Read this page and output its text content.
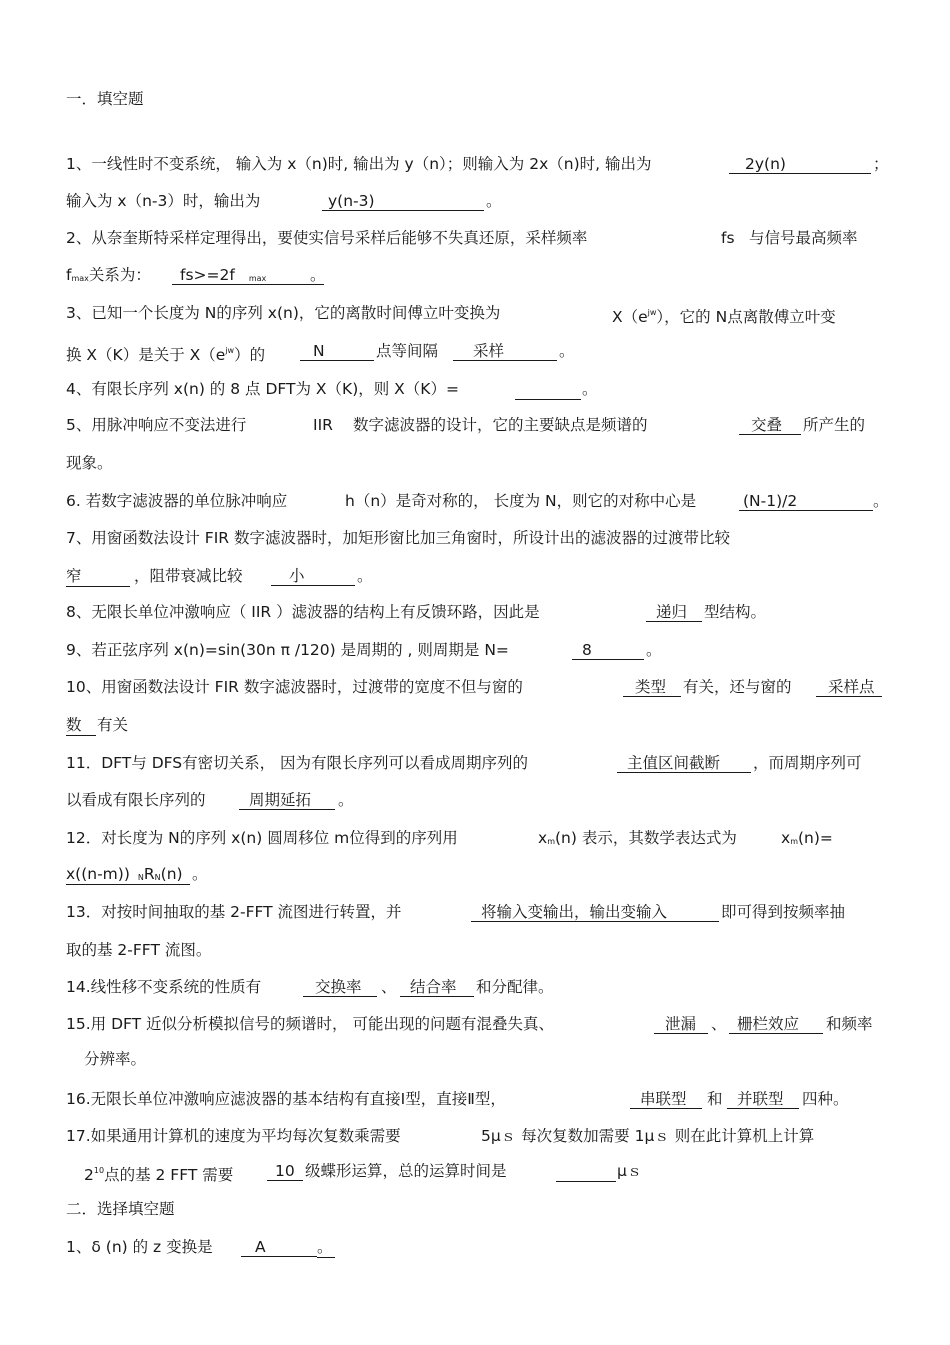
一．填空题
1、一线性时不变系统， 输入为 x（n)时, 输出为 y（n）；则输入为 2x（n)时, 输出为	2y(n)	；
输入为 x（n-3）时，输出为	y(n-3)	。
2、从奈奎斯特采样定理得出，要使实信号采样后能够不失真还原，采样频率	fs 与信号最高频率
$f_{max}$关系为：	fs>=2f $_{max}$	。
3、已知一个长度为 N的序列 x(n)，它的离散时间傅立叶变换为	$X(e^{jw})$，它的 N点离散傅立叶变
换 X（K）是关于 $X(e^{jw})$的	N	点等间隔	采样	。
4、有限长序列 x(n) 的 8 点 DFT为 X（K)，则 X（K）=	。
5、用脉冲响应不变法进行	IIR 数字滤波器的设计，它的主要缺点是频谱的	交叠	所产生的
现象。
6. 若数字滤波器的单位脉冲响应	h（n）是奇对称的， 长度为 N，则它的对称中心是	(N-1)/2	。
7、用窗函数法设计 FIR 数字滤波器时，加矩形窗比加三角窗时，所设计出的滤波器的过渡带比较
窄	，阻带衰减比较	小	。
8、无限长单位冲激响应（ IIR ）滤波器的结构上有反馈环路，因此是	递归	型结构。
9、若正弦序列 x(n)=sin(30n π /120) 是周期的 , 则周期是 N=	8	。
10、用窗函数法设计 FIR 数字滤波器时，过渡带的宽度不但与窗的	类型	有关，还与窗的	采样点
数 有关
11．DFT与 DFS有密切关系， 因为有限长序列可以看成周期序列的	主值区间截断	，而周期序列可
以看成有限长序列的	周期延拓	。
12．对长度为 N的序列 x(n) 圆周移位 m位得到的序列用	$x_m(n)$ 表示，其数学表达式为	$x_m(n)=$
x((n-m)) $_NR_N(n)$ 。
13．对按时间抽取的基 2-FFT 流图进行转置，并	将输入变输出，输出变输入	即可得到按频率抽
取的基 2-FFT 流图。
14.线性移不变系统的性质有	交换率	、 结合率	和分配律。
15.用 DFT 近似分析模拟信号的频谱时， 可能出现的问题有混叠失真、	泄漏 、 栅栏效应	和频率
分辨率。
16.无限长单位冲激响应滤波器的基本结构有直接Ⅰ型，直接Ⅱ型，	串联型	和 并联型	四种。
17.如果通用计算机的速度为平均每次复数乘需要	5μｓ 每次复数加需要 1μｓ 则在此计算机上计算
$2^{10}$点的基 2 FFT 需要	10 级蝶形运算，总的运算时间是	μｓ
二．选择填空题
1、δ (n) 的 z 变换是	A	。
